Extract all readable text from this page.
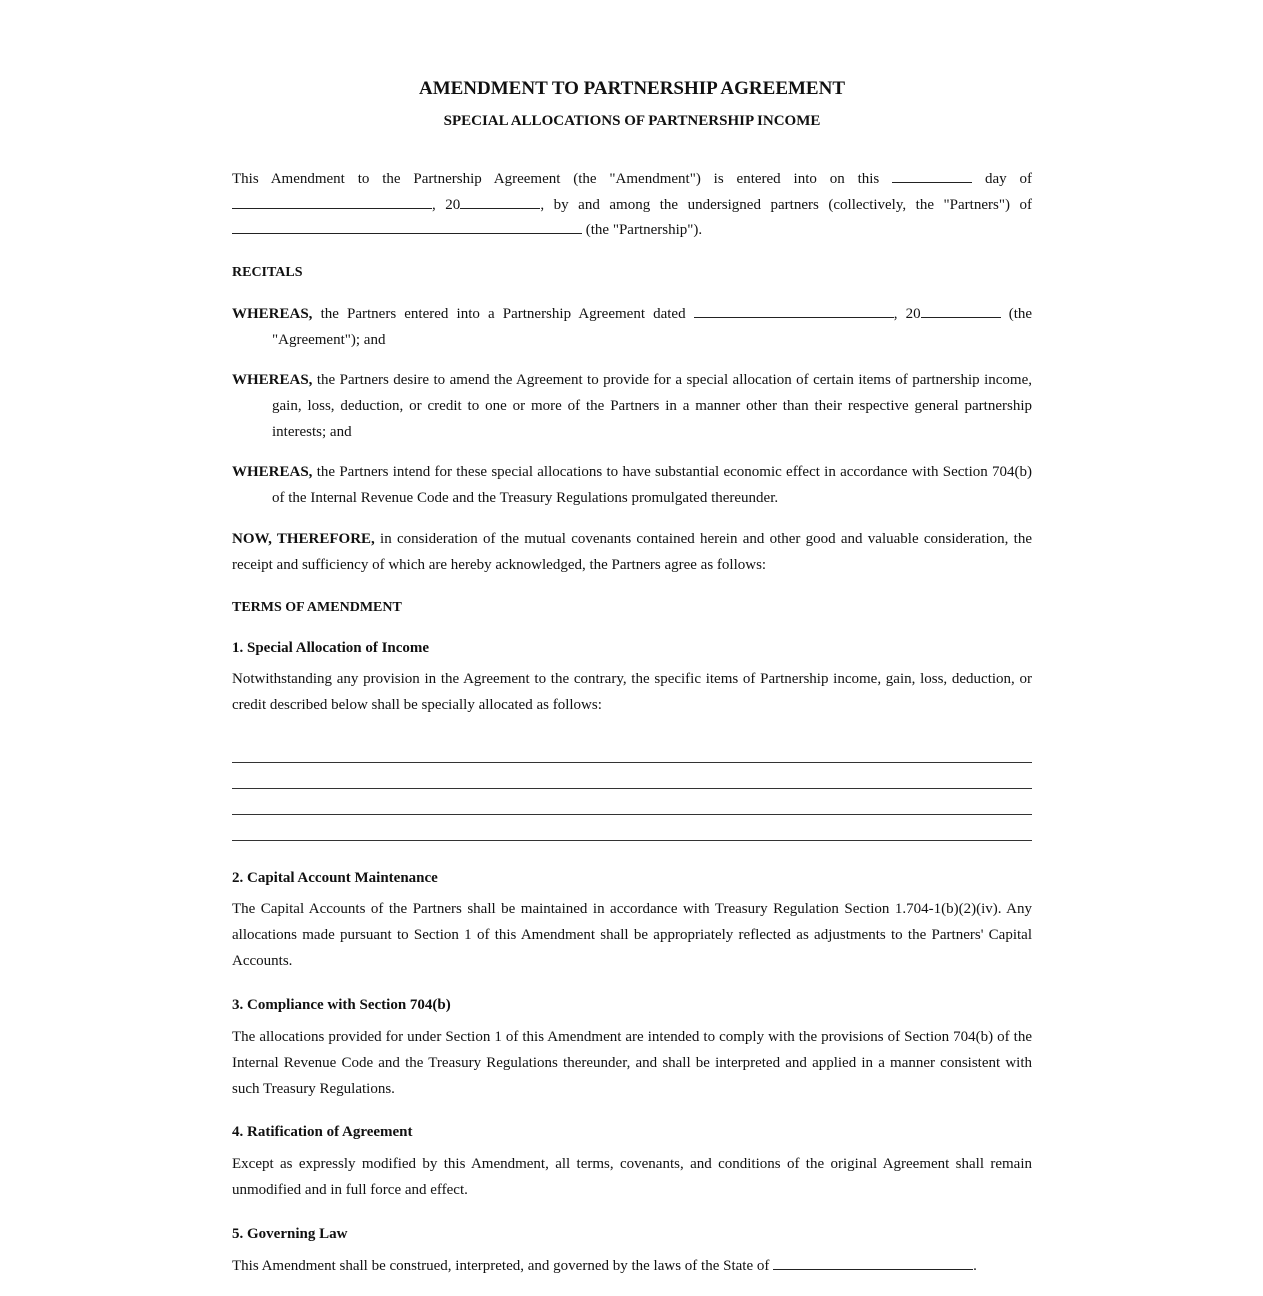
AMENDMENT TO PARTNERSHIP AGREEMENT
SPECIAL ALLOCATIONS OF PARTNERSHIP INCOME
This Amendment to the Partnership Agreement (the "Amendment") is entered into on this	day of
, 20	, by and among the undersigned partners (collectively, the "Partners") of
(the "Partnership").
RECITALS
WHEREAS, the Partners entered into a Partnership Agreement dated	, 20	(the
"Agreement"); and
WHEREAS, the Partners desire to amend the Agreement to provide for a special allocation of certain items of partnership income, gain, loss, deduction, or credit to one or more of the Partners in a manner other than their respective general partnership interests; and
WHEREAS, the Partners intend for these special allocations to have substantial economic effect in accordance with Section 704(b) of the Internal Revenue Code and the Treasury Regulations promulgated thereunder.
NOW, THEREFORE, in consideration of the mutual covenants contained herein and other good and valuable consideration, the receipt and sufficiency of which are hereby acknowledged, the Partners agree as follows:
TERMS OF AMENDMENT
1. Special Allocation of Income
Notwithstanding any provision in the Agreement to the contrary, the specific items of Partnership income, gain, loss, deduction, or credit described below shall be specially allocated as follows:
2. Capital Account Maintenance
The Capital Accounts of the Partners shall be maintained in accordance with Treasury Regulation Section 1.704-1(b)(2)(iv). Any allocations made pursuant to Section 1 of this Amendment shall be appropriately reflected as adjustments to the Partners' Capital Accounts.
3. Compliance with Section 704(b)
The allocations provided for under Section 1 of this Amendment are intended to comply with the provisions of Section 704(b) of the Internal Revenue Code and the Treasury Regulations thereunder, and shall be interpreted and applied in a manner consistent with such Treasury Regulations.
4. Ratification of Agreement
Except as expressly modified by this Amendment, all terms, covenants, and conditions of the original Agreement shall remain unmodified and in full force and effect.
5. Governing Law
This Amendment shall be construed, interpreted, and governed by the laws of the State of	.
